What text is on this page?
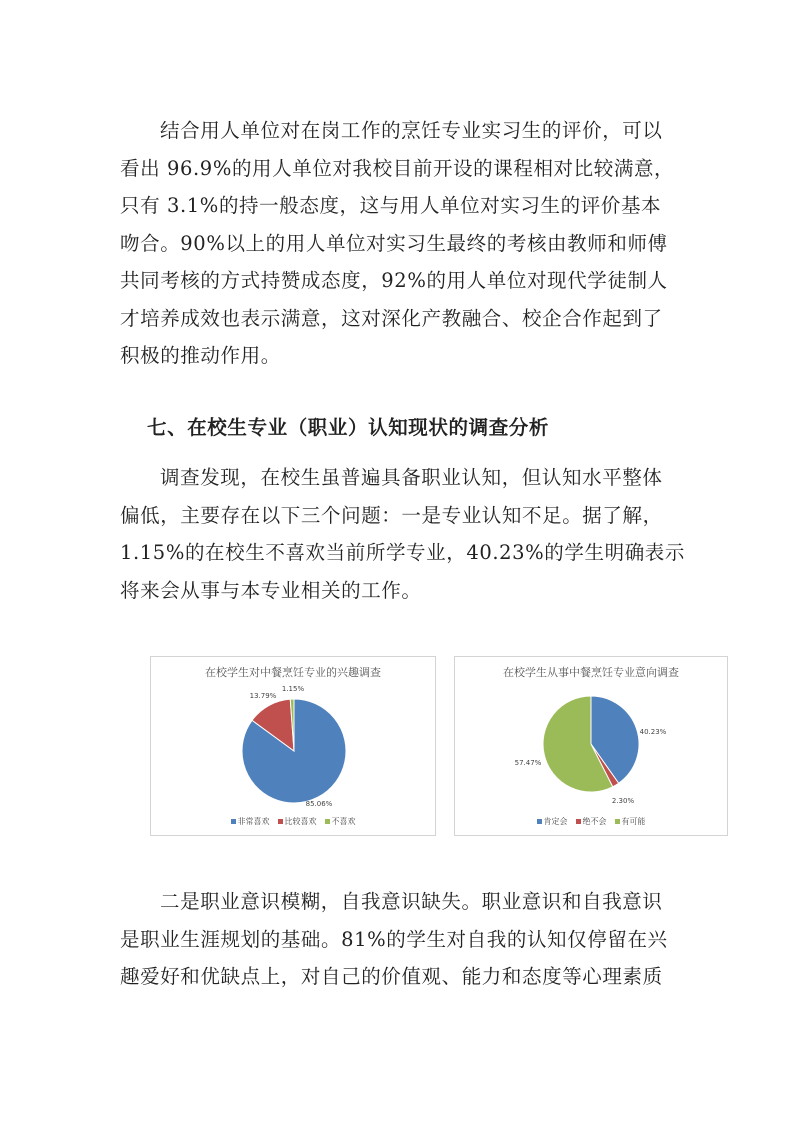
结合用人单位对在岗工作的烹饪专业实习生的评价，可以
看出 96.9%的用人单位对我校目前开设的课程相对比较满意，
只有 3.1%的持一般态度，这与用人单位对实习生的评价基本
吻合。90%以上的用人单位对实习生最终的考核由教师和师傅
共同考核的方式持赞成态度，92%的用人单位对现代学徒制人
才培养成效也表示满意，这对深化产教融合、校企合作起到了
积极的推动作用。
七、在校生专业（职业）认知现状的调查分析
调查发现，在校生虽普遍具备职业认知，但认知水平整体
偏低，主要存在以下三个问题：一是专业认知不足。据了解，
1.15%的在校生不喜欢当前所学专业，40.23%的学生明确表示
将来会从事与本专业相关的工作。
在校学生对中餐烹饪专业的兴趣调查
85.06%
13.79%
1.15%
非常喜欢 比较喜欢 不喜欢
在校学生从事中餐烹饪专业意向调查
40.23%
2.30%
57.47%
肯定会 绝不会 有可能
二是职业意识模糊，自我意识缺失。职业意识和自我意识
是职业生涯规划的基础。81%的学生对自我的认知仅停留在兴
趣爱好和优缺点上，对自己的价值观、能力和态度等心理素质
